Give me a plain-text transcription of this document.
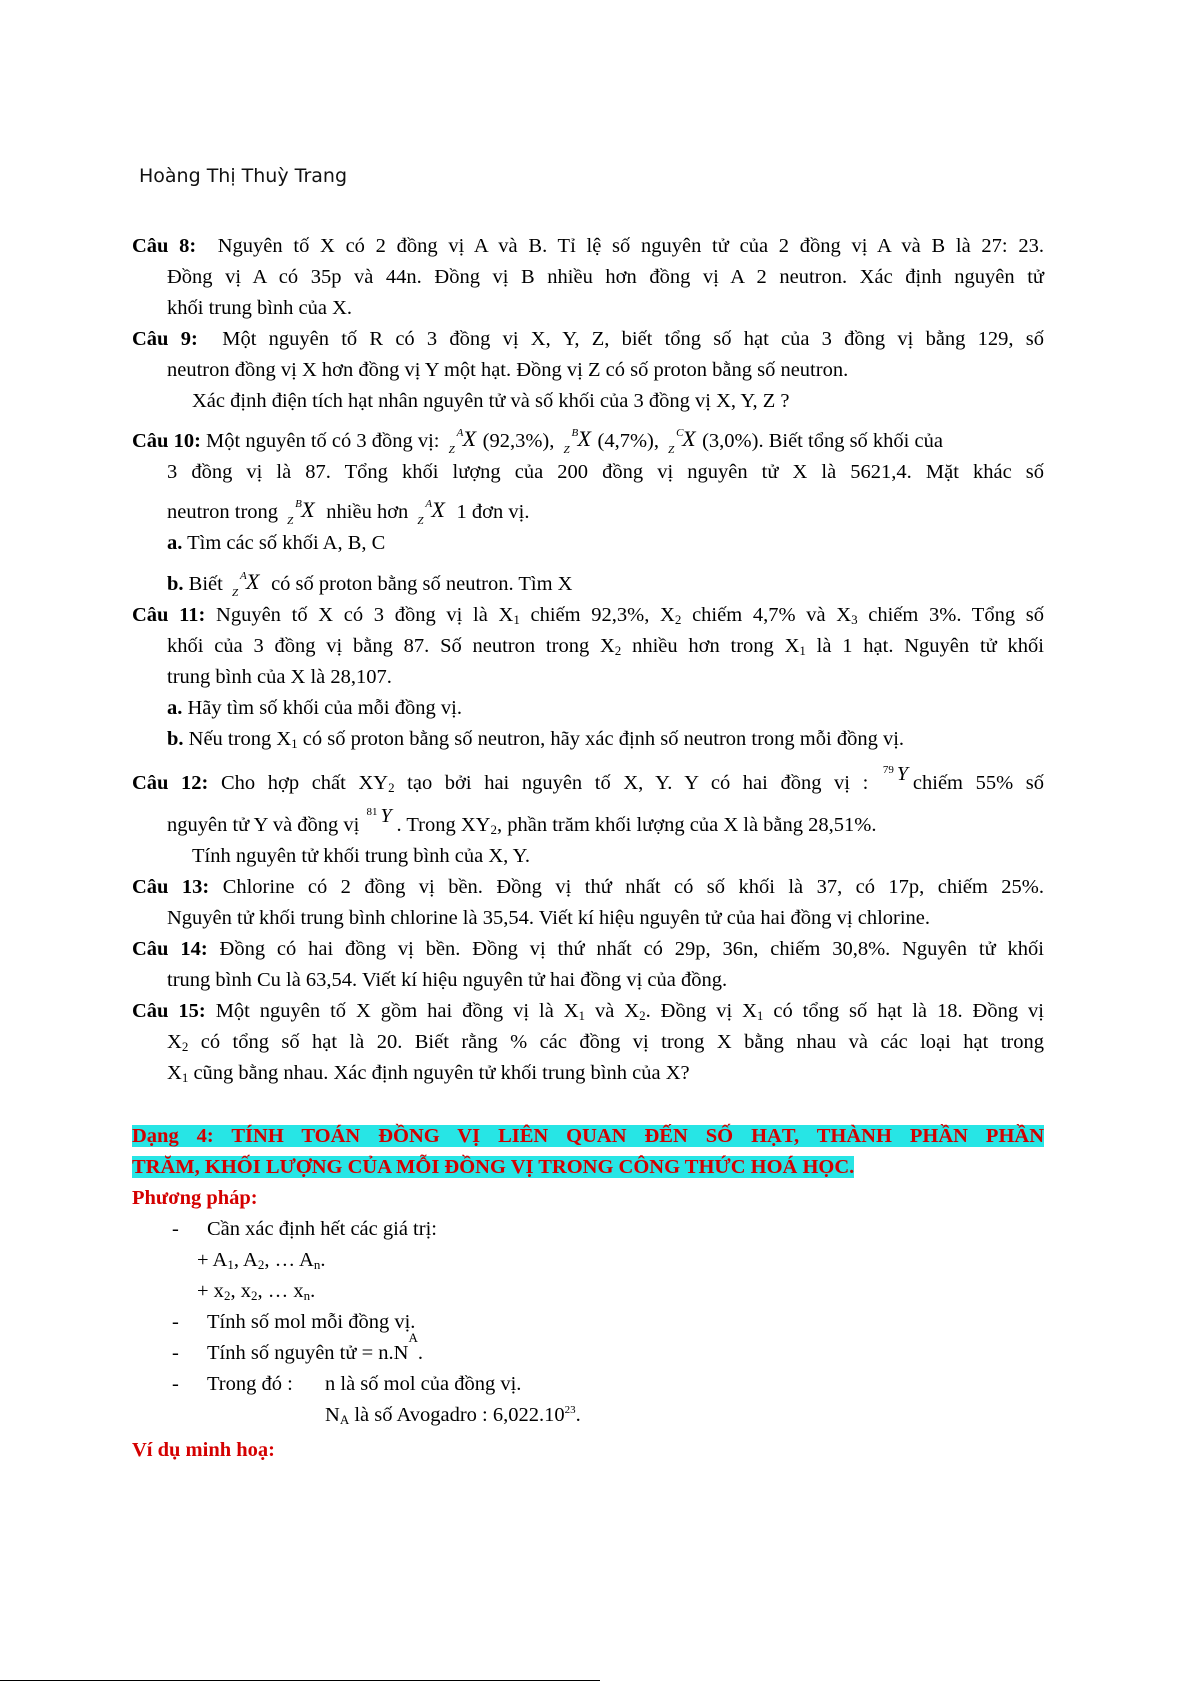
Hoàng Thị Thuỳ Trang
Câu 8: Nguyên tố X có 2 đồng vị A và B. Tỉ lệ số nguyên tử của 2 đồng vị A và B là 27: 23.
Đồng vị A có 35p và 44n. Đồng vị B nhiều hơn đồng vị A 2 neutron. Xác định nguyên tử
khối trung bình của X.
Câu 9: Một nguyên tố R có 3 đồng vị X, Y, Z, biết tổng số hạt của 3 đồng vị bằng 129, số
neutron đồng vị X hơn đồng vị Y một hạt. Đồng vị Z có số proton bằng số neutron.
Xác định điện tích hạt nhân nguyên tử và số khối của 3 đồng vị X, Y, Z ?
Câu 10: Một nguyên tố có 3 đồng vị: A
Z X (92,3%), B
Z X (4,7%), C
Z X (3,0%). Biết tổng số khối của
3 đồng vị là 87. Tổng khối lượng của 200 đồng vị nguyên tử X là 5621,4. Mặt khác số
neutron trong B
Z X nhiều hơn A
Z X 1 đơn vị.
a. Tìm các số khối A, B, C
b. Biết A
Z X có số proton bằng số neutron. Tìm X
Câu 11: Nguyên tố X có 3 đồng vị là $X_1$ chiếm 92,3%, $X_2$ chiếm 4,7% và $X_3$ chiếm 3%. Tổng số
khối của 3 đồng vị bằng 87. Số neutron trong $X_2$ nhiều hơn trong $X_1$ là 1 hạt. Nguyên tử khối
trung bình của X là 28,107.
a. Hãy tìm số khối của mỗi đồng vị.
b. Nếu trong $X_1$ có số proton bằng số neutron, hãy xác định số neutron trong mỗi đồng vị.
Câu 12: Cho hợp chất $XY_2$ tạo bởi hai nguyên tố X, Y. Y có hai đồng vị :
79 Y chiếm 55% số
nguyên tử Y và đồng vị
81 Y . Trong $XY_2$, phần trăm khối lượng của X là bằng 28,51%.
Tính nguyên tử khối trung bình của X, Y.
Câu 13: Chlorine có 2 đồng vị bền. Đồng vị thứ nhất có số khối là 37, có 17p, chiếm 25%.
Nguyên tử khối trung bình chlorine là 35,54. Viết kí hiệu nguyên tử của hai đồng vị chlorine.
Câu 14: Đồng có hai đồng vị bền. Đồng vị thứ nhất có 29p, 36n, chiếm 30,8%. Nguyên tử khối
trung bình Cu là 63,54. Viết kí hiệu nguyên tử hai đồng vị của đồng.
Câu 15: Một nguyên tố X gồm hai đồng vị là $X_1$ và $X_2$. Đồng vị $X_1$ có tổng số hạt là 18. Đồng vị
$X_2$ có tổng số hạt là 20. Biết rằng % các đồng vị trong X bằng nhau và các loại hạt trong
$X_1$ cũng bằng nhau. Xác định nguyên tử khối trung bình của X?
Dạng 4: TÍNH TOÁN ĐỒNG VỊ LIÊN QUAN ĐẾN SỐ HẠT, THÀNH PHẦN PHẦN
TRĂM, KHỐI LƯỢNG CỦA MỖI ĐỒNG VỊ TRONG CÔNG THỨC HOÁ HỌC.
Phương pháp:
-	Cần xác định hết các giá trị:
+ $A_1$, $A_2$, … $A_n$.
+ $x_2$, $x_2$, … $x_n$.
-	Tính số mol mỗi đồng vị.
-	Tính số nguyên tử = n.N
A
.
-	Trong đó :	n là số mol của đồng vị.
$N_A$ là số Avogadro : 6,022.10$^{23}$.
Ví dụ minh hoạ:
